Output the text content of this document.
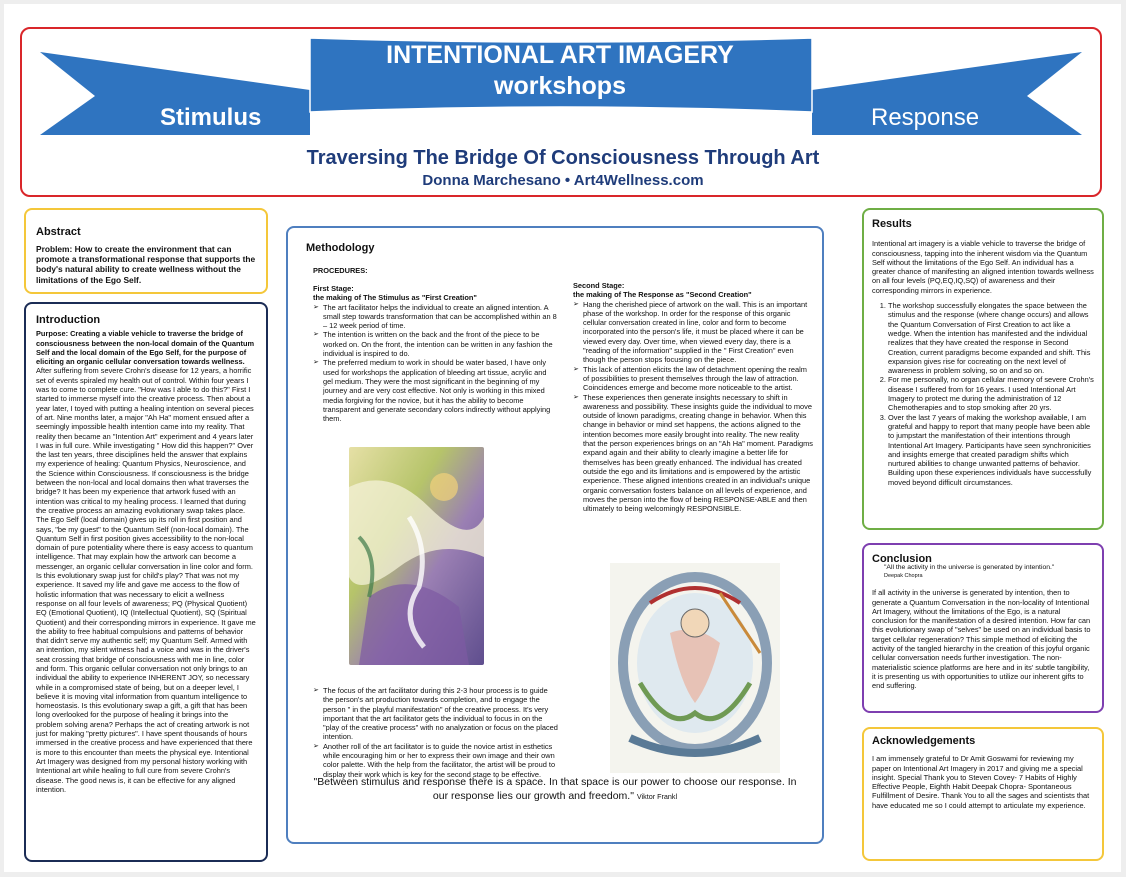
INTENTIONAL ART IMAGERY
workshops
Stimulus	Response
Traversing The Bridge Of Consciousness Through Art
Donna Marchesano • Art4Wellness.com
Abstract

Problem: How to create the environment that can promote a transformational response that supports the body's natural ability to create wellness without the limitations of the Ego Self.

Introduction

Purpose: Creating a viable vehicle to traverse the bridge of consciousness between the non-local domain of the Quantum Self and the local domain of the Ego Self, for the purpose of eliciting an organic cellular conversation towards wellness.

After suffering from severe Crohn's disease for 12 years, a horrific set of events spiraled my health out of control. Within four years I was to come to complete cure. "How was I able to do this?" First I started to immerse myself into the creative process. Then about a year later, I toyed with putting a healing intention on several pieces of art. Nine months later, a major "Ah Ha" moment ensued after a seemingly impossible health intention came into my reality. That reality then became an "Intention Art" experiment and 4 years later I was in full cure. While investigating " How did this happen?" Over the last ten years, three disciplines held the answer that explains my experience of healing: Quantum Physics, Neuroscience, and the Science within Consciousness. If consciousness is the bridge between the non-local and local domains then what traverses the bridge? It has been my experience that artwork fused with an intention was critical to my healing process. I learned that during the creative process an amazing evolutionary swap takes place. The Ego Self (local domain) gives up its roll in first position and says, "be my guest" to the Quantum Self (non-local domain). The Quantum Self in first position gives accessibility to the non-local domain of pure potentiality where there is easy access to quantum intelligence. That may explain how the artwork can become a messenger, an organic cellular conversation in line color and form. Is this evolutionary swap just for child's play? That was not my experience. It saved my life and gave me access to the flow of holistic information that was necessary to elicit a wellness response on all four levels of awareness; PQ (Physical Quotient) EQ (Emotional Quotient), IQ (Intellectual Quotient), SQ (Spiritual Quotient) and their corresponding mirrors in experience. It gave me the ability to free habitual compulsions and patterns of behavior that didn't serve my authentic self; my Quantum Self. Armed with an intention, my silent witness had a voice and was in the driver's seat crossing that bridge of consciousness with me in line, color and form. This organic cellular conversation not only brings to an individual the ability to experience INHERENT JOY, so necessary while in a compromised state of being, but on a deeper level, I believe it is moving vital information from quantum intelligence to homeostasis. Is this evolutionary swap a gift, a gift that has been long overlooked for the purpose of healing it brings into the problem solving arena? Perhaps the act of creating artwork is not just for making "pretty pictures". I have spent thousands of hours immersed in the creative process and have experienced that there is more to this encounter than meets the physical eye. Intentional Art Imagery was designed from my personal history working with Intentional art while healing to full cure from severe Crohn's disease. The good news is, it can be effective for any aligned intention.

Methodology
PROCEDURES:
First Stage:
the making of The Stimulus as "First Creation"
➢ The art facilitator helps the individual to create an aligned intention. A small step towards transformation that can be accomplished within an 8 – 12 week period of time.
➢ The intention is written on the back and the front of the piece to be worked on. On the front, the intention can be written in any fashion the individual is inspired to do.
➢ The preferred medium to work in should be water based, I have only used for workshops the application of bleeding art tissue, acrylic and gel medium. They were the most significant in the beginning of my journey and are very cost effective. Not only is working in this mixed media forgiving for the novice, but it has the ability to become transparent and generate secondary colors indirectly without applying them.
➢ The focus of the art facilitator during this 2-3 hour process is to guide the person's art production towards completion, and to engage the person " in the playful manifestation" of the creative process. It's very important that the art facilitator gets the individual to focus in on the "play of the creative process" with no analyzation or focus on the placed intention.
➢ Another roll of the art facilitator is to guide the novice artist in esthetics while encouraging him or her to express their own image and their own color palette. With the help from the facilitator, the artist will be proud to display their work which is key for the second stage to be effective.
Second Stage:
the making of The Response as "Second Creation"
➢ Hang the cherished piece of artwork on the wall. This is an important phase of the workshop. In order for the response of this organic cellular conversation created in line, color and form to become incorporated into the person's life, it must be placed where it can be viewed every day. Over time, when viewed every day, there is a "reading of the information" supplied in the " First Creation" even though the person stops focusing on the piece.
➢ This lack of attention elicits the law of detachment opening the realm of possibilities to present themselves through the law of attraction. Coincidences emerge and become more noticeable to the artist.
➢ These experiences then generate insights necessary to shift in awareness and possibility. These insights guide the individual to move outside of known paradigms, creating change in behavior. When this change in behavior or mind set happens, the actions aligned to the intention becomes more easily brought into reality. The new reality that the person experiences brings on an "Ah Ha" moment. Paradigms expand again and their ability to clearly imagine a better life for themselves has been greatly enhanced. The individual has created outside the ego and its limitations and is empowered by the artistic experience. These aligned intentions created in an individual's unique organic conversation fosters balance on all levels of experience, and moves the person into the flow of being RESPONSE-ABLE and then ultimately to being welcomingly RESPONSIBLE.
"Between stimulus and response there is a space. In that space is our power to choose our response. In our response lies our growth and freedom." Viktor Frankl
Results
Intentional art imagery is a viable vehicle to traverse the bridge of consciousness, tapping into the inherent wisdom via the Quantum Self without the limitations of the Ego Self. An individual has a greater chance of manifesting an aligned intention towards wellness on all four levels (PQ,EQ,IQ,SQ) of awareness and their corresponding mirrors in experience.
1. The workshop successfully elongates the space between the stimulus and the response (where change occurs) and allows the Quantum Conversation of First Creation to act like a wedge. When the intention has manifested and the individual realizes that they have created the response in Second Creation, current paradigms become expanded and shift. This expansion gives rise for cocreating on the next level of awareness in problem solving, so on and so on.
2. For me personally, no organ cellular memory of severe Crohn's disease I suffered from for 16 years. I used Intentional Art Imagery to protect me during the administration of 12 Chemotherapies and to stop smoking after 20 yrs.
3. Over the last 7 years of making the workshop available, I am grateful and happy to report that many people have been able to jumpstart the manifestation of their intentions through Intentional Art Imagery. Participants have seen synchronicities and insights emerge that created paradigm shifts which nurtured abilities to change unwanted patterns of behavior. Building upon these experiences individuals have successfully moved beyond difficult circumstances.
Conclusion
"All the activity in the universe is generated by intention."
Deepak Chopra
If all activity in the universe is generated by intention, then to generate a Quantum Conversation in the non-locality of Intentional Art Imagery, without the limitations of the Ego, is a natural conclusion for the manifestation of a desired intention. How far can this evolutionary swap of "selves" be used on an individual basis to target cellular regeneration? This simple method of eliciting the activity of the tangled hierarchy in the creation of this joyful organic cellular conversation needs further investigation. The non-materialistic science platforms are here and in its' subtle tangibility, it is presenting us with opportunities to utilize our inherent gifts to end suffering.
Acknowledgements
I am immensely grateful to Dr Amit Goswami for reviewing my paper on Intentional Art Imagery in 2017 and giving me a special insight. Special Thank you to Steven Covey- 7 Habits of Highly Effective People, Eighth Habit Deepak Chopra- Spontaneous Fulfillment of Desire. Thank You to all the sages and scientists that have educated me so I could attempt to articulate my experience.
